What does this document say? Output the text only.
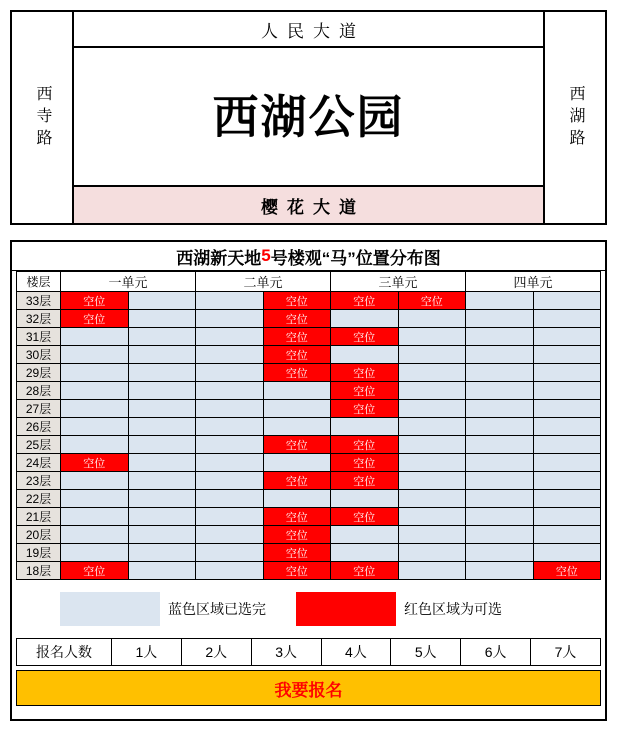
西寺路
人民大道
西湖公园
樱花大道
西湖路
西湖新天地 5 号楼观“马”位置分布图
楼层	一单元		二单元		三单元		四单元	
33层	空位			空位	空位	空位		
32层	空位			空位				
31层				空位	空位			
30层				空位				
29层				空位	空位			
28层					空位			
27层					空位			
26层								
25层				空位	空位			
24层	空位				空位			
23层				空位	空位			
22层								
21层				空位	空位			
20层				空位				
19层				空位				
18层	空位			空位	空位			空位
蓝色区域已选完	红色区域为可选
报名人数	1人	2人	3人	4人	5人	6人	7人
我要报名
